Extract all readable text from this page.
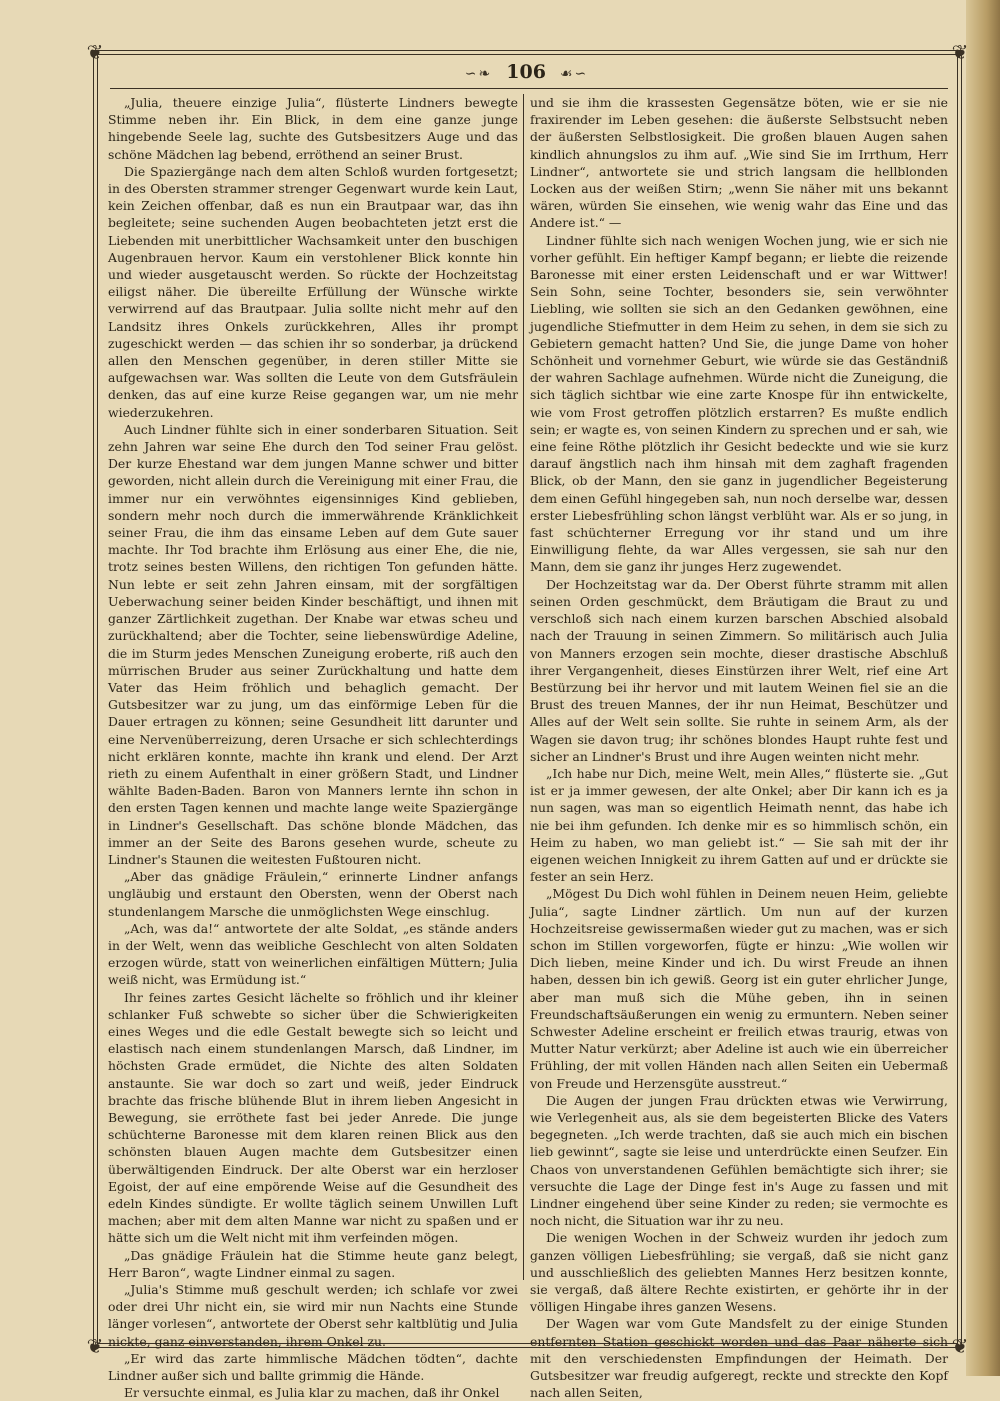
❦	❦
❦	❦
∽❧ 106 ☙∽

„Julia, theuere einzige Julia“, flüsterte Lindners bewegte Stimme neben ihr. Ein Blick, in dem eine ganze junge hingebende Seele lag, suchte des Gutsbesitzers Auge und das schöne Mädchen lag bebend, erröthend an seiner Brust.

Die Spaziergänge nach dem alten Schloß wurden fortgesetzt; in des Obersten strammer strenger Gegenwart wurde kein Laut, kein Zeichen offenbar, daß es nun ein Brautpaar war, das ihn begleitete; seine suchenden Augen beobachteten jetzt erst die Liebenden mit unerbittlicher Wachsamkeit unter den buschigen Augenbrauen hervor. Kaum ein verstohlener Blick konnte hin und wieder ausgetauscht werden. So rückte der Hochzeitstag eiligst näher. Die übereilte Erfüllung der Wünsche wirkte verwirrend auf das Brautpaar. Julia sollte nicht mehr auf den Landsitz ihres Onkels zurückkehren, Alles ihr prompt zugeschickt werden — das schien ihr so sonderbar, ja drückend allen den Menschen gegenüber, in deren stiller Mitte sie aufgewachsen war. Was sollten die Leute von dem Gutsfräulein denken, das auf eine kurze Reise gegangen war, um nie mehr wiederzukehren.

Auch Lindner fühlte sich in einer sonderbaren Situation. Seit zehn Jahren war seine Ehe durch den Tod seiner Frau gelöst. Der kurze Ehestand war dem jungen Manne schwer und bitter geworden, nicht allein durch die Vereinigung mit einer Frau, die immer nur ein verwöhntes eigensinniges Kind geblieben, sondern mehr noch durch die immerwährende Kränklichkeit seiner Frau, die ihm das einsame Leben auf dem Gute sauer machte. Ihr Tod brachte ihm Erlösung aus einer Ehe, die nie, trotz seines besten Willens, den richtigen Ton gefunden hätte. Nun lebte er seit zehn Jahren einsam, mit der sorgfältigen Ueberwachung seiner beiden Kinder beschäftigt, und ihnen mit ganzer Zärtlichkeit zugethan. Der Knabe war etwas scheu und zurückhaltend; aber die Tochter, seine liebenswürdige Adeline, die im Sturm jedes Menschen Zuneigung eroberte, riß auch den mürrischen Bruder aus seiner Zurückhaltung und hatte dem Vater das Heim fröhlich und behaglich gemacht. Der Gutsbesitzer war zu jung, um das einförmige Leben für die Dauer ertragen zu können; seine Gesundheit litt darunter und eine Nervenüberreizung, deren Ursache er sich schlechterdings nicht erklären konnte, machte ihn krank und elend. Der Arzt rieth zu einem Aufenthalt in einer größern Stadt, und Lindner wählte Baden-Baden. Baron von Manners lernte ihn schon in den ersten Tagen kennen und machte lange weite Spaziergänge in Lindner's Gesellschaft. Das schöne blonde Mädchen, das immer an der Seite des Barons gesehen wurde, scheute zu Lindner's Staunen die weitesten Fußtouren nicht.

„Aber das gnädige Fräulein,“ erinnerte Lindner anfangs ungläubig und erstaunt den Obersten, wenn der Oberst nach stundenlangem Marsche die unmöglichsten Wege einschlug.

„Ach, was da!“ antwortete der alte Soldat, „es stände anders in der Welt, wenn das weibliche Geschlecht von alten Soldaten erzogen würde, statt von weinerlichen einfältigen Müttern; Julia weiß nicht, was Ermüdung ist.“

Ihr feines zartes Gesicht lächelte so fröhlich und ihr kleiner schlanker Fuß schwebte so sicher über die Schwierigkeiten eines Weges und die edle Gestalt bewegte sich so leicht und elastisch nach einem stundenlangen Marsch, daß Lindner, im höchsten Grade ermüdet, die Nichte des alten Soldaten anstaunte. Sie war doch so zart und weiß, jeder Eindruck brachte das frische blühende Blut in ihrem lieben Angesicht in Bewegung, sie erröthete fast bei jeder Anrede. Die junge schüchterne Baronesse mit dem klaren reinen Blick aus den schönsten blauen Augen machte dem Gutsbesitzer einen überwältigenden Eindruck. Der alte Oberst war ein herzloser Egoist, der auf eine empörende Weise auf die Gesundheit des edeln Kindes sündigte. Er wollte täglich seinem Unwillen Luft machen; aber mit dem alten Manne war nicht zu spaßen und er hätte sich um die Welt nicht mit ihm verfeinden mögen.

„Das gnädige Fräulein hat die Stimme heute ganz belegt, Herr Baron“, wagte Lindner einmal zu sagen.

„Julia's Stimme muß geschult werden; ich schlafe vor zwei oder drei Uhr nicht ein, sie wird mir nun Nachts eine Stunde länger vorlesen“, antwortete der Oberst sehr kaltblütig und Julia nickte, ganz einverstanden, ihrem Onkel zu.

„Er wird das zarte himmlische Mädchen tödten“, dachte Lindner außer sich und ballte grimmig die Hände.

Er versuchte einmal, es Julia klar zu machen, daß ihr Onkel

und sie ihm die krassesten Gegensätze böten, wie er sie nie fraxirender im Leben gesehen: die äußerste Selbstsucht neben der äußersten Selbstlosigkeit. Die großen blauen Augen sahen kindlich ahnungslos zu ihm auf. „Wie sind Sie im Irrthum, Herr Lindner“, antwortete sie und strich langsam die hellblonden Locken aus der weißen Stirn; „wenn Sie näher mit uns bekannt wären, würden Sie einsehen, wie wenig wahr das Eine und das Andere ist.“ —

Lindner fühlte sich nach wenigen Wochen jung, wie er sich nie vorher gefühlt. Ein heftiger Kampf begann; er liebte die reizende Baronesse mit einer ersten Leidenschaft und er war Wittwer! Sein Sohn, seine Tochter, besonders sie, sein verwöhnter Liebling, wie sollten sie sich an den Gedanken gewöhnen, eine jugendliche Stiefmutter in dem Heim zu sehen, in dem sie sich zu Gebietern gemacht hatten? Und Sie, die junge Dame von hoher Schönheit und vornehmer Geburt, wie würde sie das Geständniß der wahren Sachlage aufnehmen. Würde nicht die Zuneigung, die sich täglich sichtbar wie eine zarte Knospe für ihn entwickelte, wie vom Frost getroffen plötzlich erstarren? Es mußte endlich sein; er wagte es, von seinen Kindern zu sprechen und er sah, wie eine feine Röthe plötzlich ihr Gesicht bedeckte und wie sie kurz darauf ängstlich nach ihm hinsah mit dem zaghaft fragenden Blick, ob der Mann, den sie ganz in jugendlicher Begeisterung dem einen Gefühl hingegeben sah, nun noch derselbe war, dessen erster Liebesfrühling schon längst verblüht war. Als er so jung, in fast schüchterner Erregung vor ihr stand und um ihre Einwilligung flehte, da war Alles vergessen, sie sah nur den Mann, dem sie ganz ihr junges Herz zugewendet.

Der Hochzeitstag war da. Der Oberst führte stramm mit allen seinen Orden geschmückt, dem Bräutigam die Braut zu und verschloß sich nach einem kurzen barschen Abschied alsobald nach der Trauung in seinen Zimmern. So militärisch auch Julia von Manners erzogen sein mochte, dieser drastische Abschluß ihrer Vergangenheit, dieses Einstürzen ihrer Welt, rief eine Art Bestürzung bei ihr hervor und mit lautem Weinen fiel sie an die Brust des treuen Mannes, der ihr nun Heimat, Beschützer und Alles auf der Welt sein sollte. Sie ruhte in seinem Arm, als der Wagen sie davon trug; ihr schönes blondes Haupt ruhte fest und sicher an Lindner's Brust und ihre Augen weinten nicht mehr.

„Ich habe nur Dich, meine Welt, mein Alles,“ flüsterte sie. „Gut ist er ja immer gewesen, der alte Onkel; aber Dir kann ich es ja nun sagen, was man so eigentlich Heimath nennt, das habe ich nie bei ihm gefunden. Ich denke mir es so himmlisch schön, ein Heim zu haben, wo man geliebt ist.“ — Sie sah mit der ihr eigenen weichen Innigkeit zu ihrem Gatten auf und er drückte sie fester an sein Herz.

„Mögest Du Dich wohl fühlen in Deinem neuen Heim, geliebte Julia“, sagte Lindner zärtlich. Um nun auf der kurzen Hochzeitsreise gewissermaßen wieder gut zu machen, was er sich schon im Stillen vorgeworfen, fügte er hinzu: „Wie wollen wir Dich lieben, meine Kinder und ich. Du wirst Freude an ihnen haben, dessen bin ich gewiß. Georg ist ein guter ehrlicher Junge, aber man muß sich die Mühe geben, ihn in seinen Freundschaftsäußerungen ein wenig zu ermuntern. Neben seiner Schwester Adeline erscheint er freilich etwas traurig, etwas von Mutter Natur verkürzt; aber Adeline ist auch wie ein überreicher Frühling, der mit vollen Händen nach allen Seiten ein Uebermaß von Freude und Herzensgüte ausstreut.“

Die Augen der jungen Frau drückten etwas wie Verwirrung, wie Verlegenheit aus, als sie dem begeisterten Blicke des Vaters begegneten. „Ich werde trachten, daß sie auch mich ein bischen lieb gewinnt“, sagte sie leise und unterdrückte einen Seufzer. Ein Chaos von unverstandenen Gefühlen bemächtigte sich ihrer; sie versuchte die Lage der Dinge fest in's Auge zu fassen und mit Lindner eingehend über seine Kinder zu reden; sie vermochte es noch nicht, die Situation war ihr zu neu.

Die wenigen Wochen in der Schweiz wurden ihr jedoch zum ganzen völligen Liebesfrühling; sie vergaß, daß sie nicht ganz und ausschließlich des geliebten Mannes Herz besitzen konnte, sie vergaß, daß ältere Rechte existirten, er gehörte ihr in der völligen Hingabe ihres ganzen Wesens.

Der Wagen war vom Gute Mandsfelt zu der einige Stunden entfernten Station geschickt worden und das Paar näherte sich mit den verschiedensten Empfindungen der Heimath. Der Gutsbesitzer war freudig aufgeregt, reckte und streckte den Kopf nach allen Seiten,
